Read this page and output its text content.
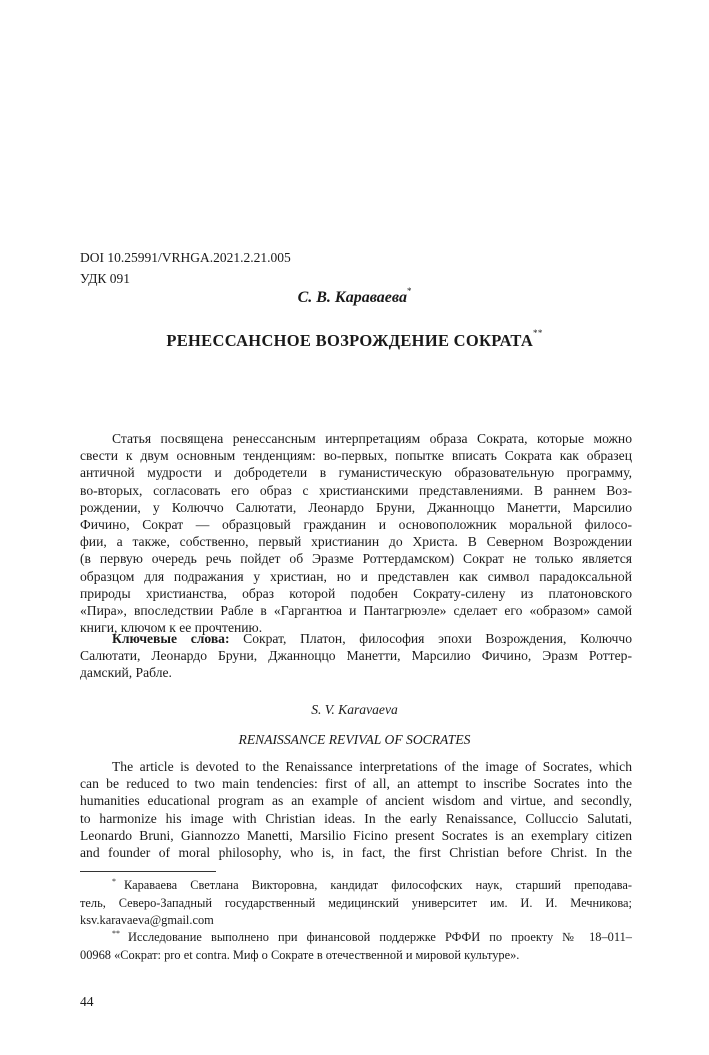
DOI 10.25991/VRHGA.2021.2.21.005
УДК 091
С. В. Караваева*
РЕНЕССАНСНОЕ ВОЗРОЖДЕНИЕ СОКРАТА**
Статья посвящена ренессансным интерпретациям образа Сократа, которые можно
свести к двум основным тенденциям: во-первых, попытке вписать Сократа как образец
античной мудрости и добродетели в гуманистическую образовательную программу,
во-вторых, согласовать его образ с христианскими представлениями. В раннем Воз-
рождении, у Колюччо Салютати, Леонардо Бруни, Джанноццо Манетти, Марсилио
Фичино, Сократ — образцовый гражданин и основоположник моральной филосо-
фии, а также, собственно, первый христианин до Христа. В Северном Возрождении
(в первую очередь речь пойдет об Эразме Роттердамском) Сократ не только является
образцом для подражания у христиан, но и представлен как символ парадоксальной
природы христианства, образ которой подобен Сократу-силену из платоновского
«Пира», впоследствии Рабле в «Гаргантюа и Пантагрюэле» сделает его «образом» самой
книги, ключом к ее прочтению.
Ключевые слова: Сократ, Платон, философия эпохи Возрождения, Колюччо
Салютати, Леонардо Бруни, Джанноццо Манетти, Марсилио Фичино, Эразм Роттер-
дамский, Рабле.
S. V. Karavaeva
RENAISSANCE REVIVAL OF SOCRATES
The article is devoted to the Renaissance interpretations of the image of Socrates, which
can be reduced to two main tendencies: first of all, an attempt to inscribe Socrates into the
humanities educational program as an example of ancient wisdom and virtue, and secondly,
to harmonize his image with Christian ideas. In the early Renaissance, Colluccio Salutati,
Leonardo Bruni, Giannozzo Manetti, Marsilio Ficino present Socrates is an exemplary citizen
and founder of moral philosophy, who is, in fact, the first Christian before Christ. In the
* Караваева Светлана Викторовна, кандидат философских наук, старший преподава-
тель, Северо-Западный государственный медицинский университет им. И. И. Мечникова;
ksv.karavaeva@gmail.com
** Исследование выполнено при финансовой поддержке РФФИ по проекту № 18–011–
00968 «Сократ: pro et contra. Миф о Сократе в отечественной и мировой культуре».
44
